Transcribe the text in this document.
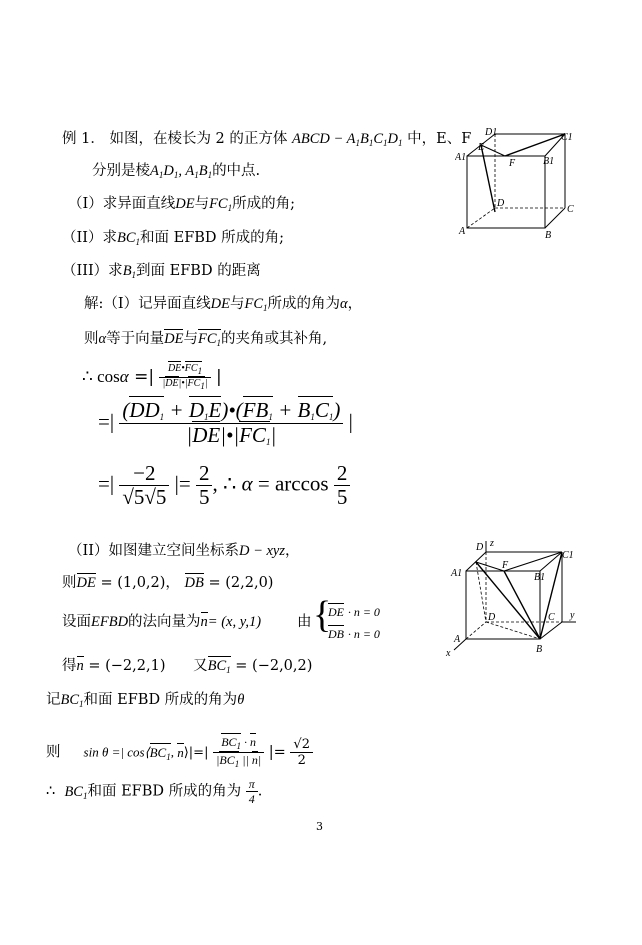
例 1． 如图，在棱长为 2 的正方体 ABCD − $A_1B_1C_1D_1$ 中，E、F
分别是棱$A_1D_1$, $A_1B_1$的中点.
（Ⅰ）求异面直线DE与$FC_1$所成的角;
（II）求$BC_1$和面 EFBD 所成的角;
（III）求$B_1$到面 EFBD 的距离
解:（Ⅰ）记异面直线DE与$FC_1$所成的角为α，
则α等于向量DE与$FC_1$的夹角或其补角,
∴ cosα =| $\frac{DE•FC1}{|DE|•|FC1|}$ |
=| $\frac{(DD_1 + D_1E)•(FB_1 + B_1C_1)}{|DE|•|FC_1|}$ |
=| $\frac{-2}{√5√5}$ |= $\frac{2}{5}$ , ∴ $\alpha = \arccos \frac{2}{5}$
（II）如图建立空间坐标系D − xyz，
则DE = (1,0,2)， DB = (2,2,0)
设面EFBD的法向量为n= (x, y,1) 由 {
DE · n = 0
DB · n = 0
得n = (−2,2,1) 又$BC_1 = (-2,0,2)$
记$BC_1$和面 EFBD 所成的角为θ
则 sin θ =| $\cos⟨BC_1$, n⟩|=| $\frac{BC_1 \cdot n}{|BC_1 || n|}$ |= $\frac{√2}{2}$
∴ $BC_1$和面 EFBD 所成的角为 $\frac{\pi}{4}$ .
3
D1	C1
A1
E
F	B1
D
C
A	B
D z
C1
A1
F
B1
D	C y
A
x	B
